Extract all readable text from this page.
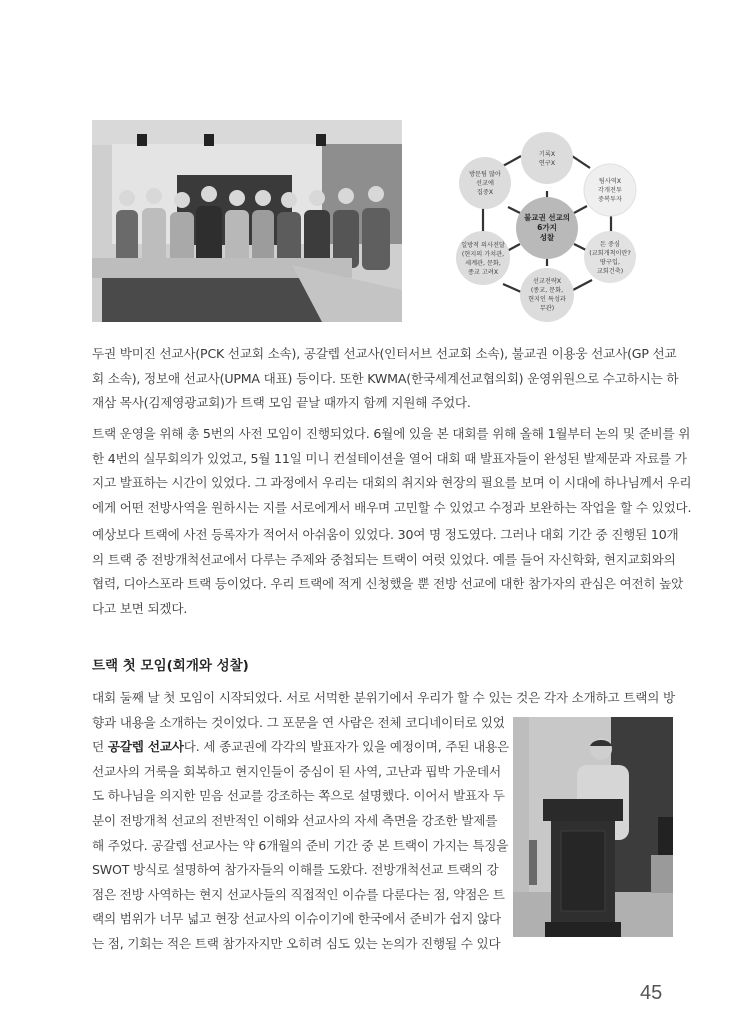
불교권 선교의
6가지
성찰
기록X
연구X
팀사역X
각개전투
중복투자
돈 중심
(교회개척이란?
땅구입,
교회건축)
선교전략X
(종교, 문화,
현지인 특성과
무관)
일방적 의사전달
(현지의 가치관,
세계관, 문화,
종교 고려X
방문팀 많아
선교에
집중X

두권 박미진 선교사(PCK 선교회 소속), 공갈렙 선교사(인터서브 선교회 소속), 불교권 이용웅 선교사(GP 선교
회 소속), 정보애 선교사(UPMA 대표) 등이다. 또한 KWMA(한국세계선교협의회) 운영위원으로 수고하시는 하
재삼 목사(김제영광교회)가 트랙 모임 끝날 때까지 함께 지원해 주었다.

트랙 운영을 위해 총 5번의 사전 모임이 진행되었다. 6월에 있을 본 대회를 위해 올해 1월부터 논의 및 준비를 위
한 4번의 실무회의가 있었고, 5월 11일 미니 컨설테이션을 열어 대회 때 발표자들이 완성된 발제문과 자료를 가
지고 발표하는 시간이 있었다. 그 과정에서 우리는 대회의 취지와 현장의 필요를 보며 이 시대에 하나님께서 우리
에게 어떤 전방사역을 원하시는 지를 서로에게서 배우며 고민할 수 있었고 수정과 보완하는 작업을 할 수 있었다.

예상보다 트랙에 사전 등록자가 적어서 아쉬움이 있었다. 30여 명 정도였다. 그러나 대회 기간 중 진행된 10개
의 트랙 중 전방개척선교에서 다루는 주제와 중첩되는 트랙이 여럿 있었다. 예를 들어 자신학화, 현지교회와의
협력, 디아스포라 트랙 등이었다. 우리 트랙에 적게 신청했을 뿐 전방 선교에 대한 참가자의 관심은 여전히 높았
다고 보면 되겠다.

트랙 첫 모임(회개와 성찰)

대회 둘째 날 첫 모임이 시작되었다. 서로 서먹한 분위기에서 우리가 할 수 있는 것은 각자 소개하고 트랙의 방
향과 내용을 소개하는 것이었다. 그 포문을 연 사람은 전체 코디네이터로 있었
던 공갈렙 선교사다. 세 종교권에 각각의 발표자가 있을 예정이며, 주된 내용은
선교사의 거룩을 회복하고 현지인들이 중심이 된 사역, 고난과 핍박 가운데서
도 하나님을 의지한 믿음 선교를 강조하는 쪽으로 설명했다. 이어서 발표자 두
분이 전방개척 선교의 전반적인 이해와 선교사의 자세 측면을 강조한 발제를
해 주었다. 공갈렙 선교사는 약 6개월의 준비 기간 중 본 트랙이 가지는 특징을
SWOT 방식로 설명하여 참가자들의 이해를 도왔다. 전방개척선교 트랙의 강
점은 전방 사역하는 현지 선교사들의 직접적인 이슈를 다룬다는 점, 약점은 트
랙의 범위가 너무 넓고 현장 선교사의 이슈이기에 한국에서 준비가 쉽지 않다
는 점, 기회는 적은 트랙 참가자지만 오히려 심도 있는 논의가 진행될 수 있다

45
